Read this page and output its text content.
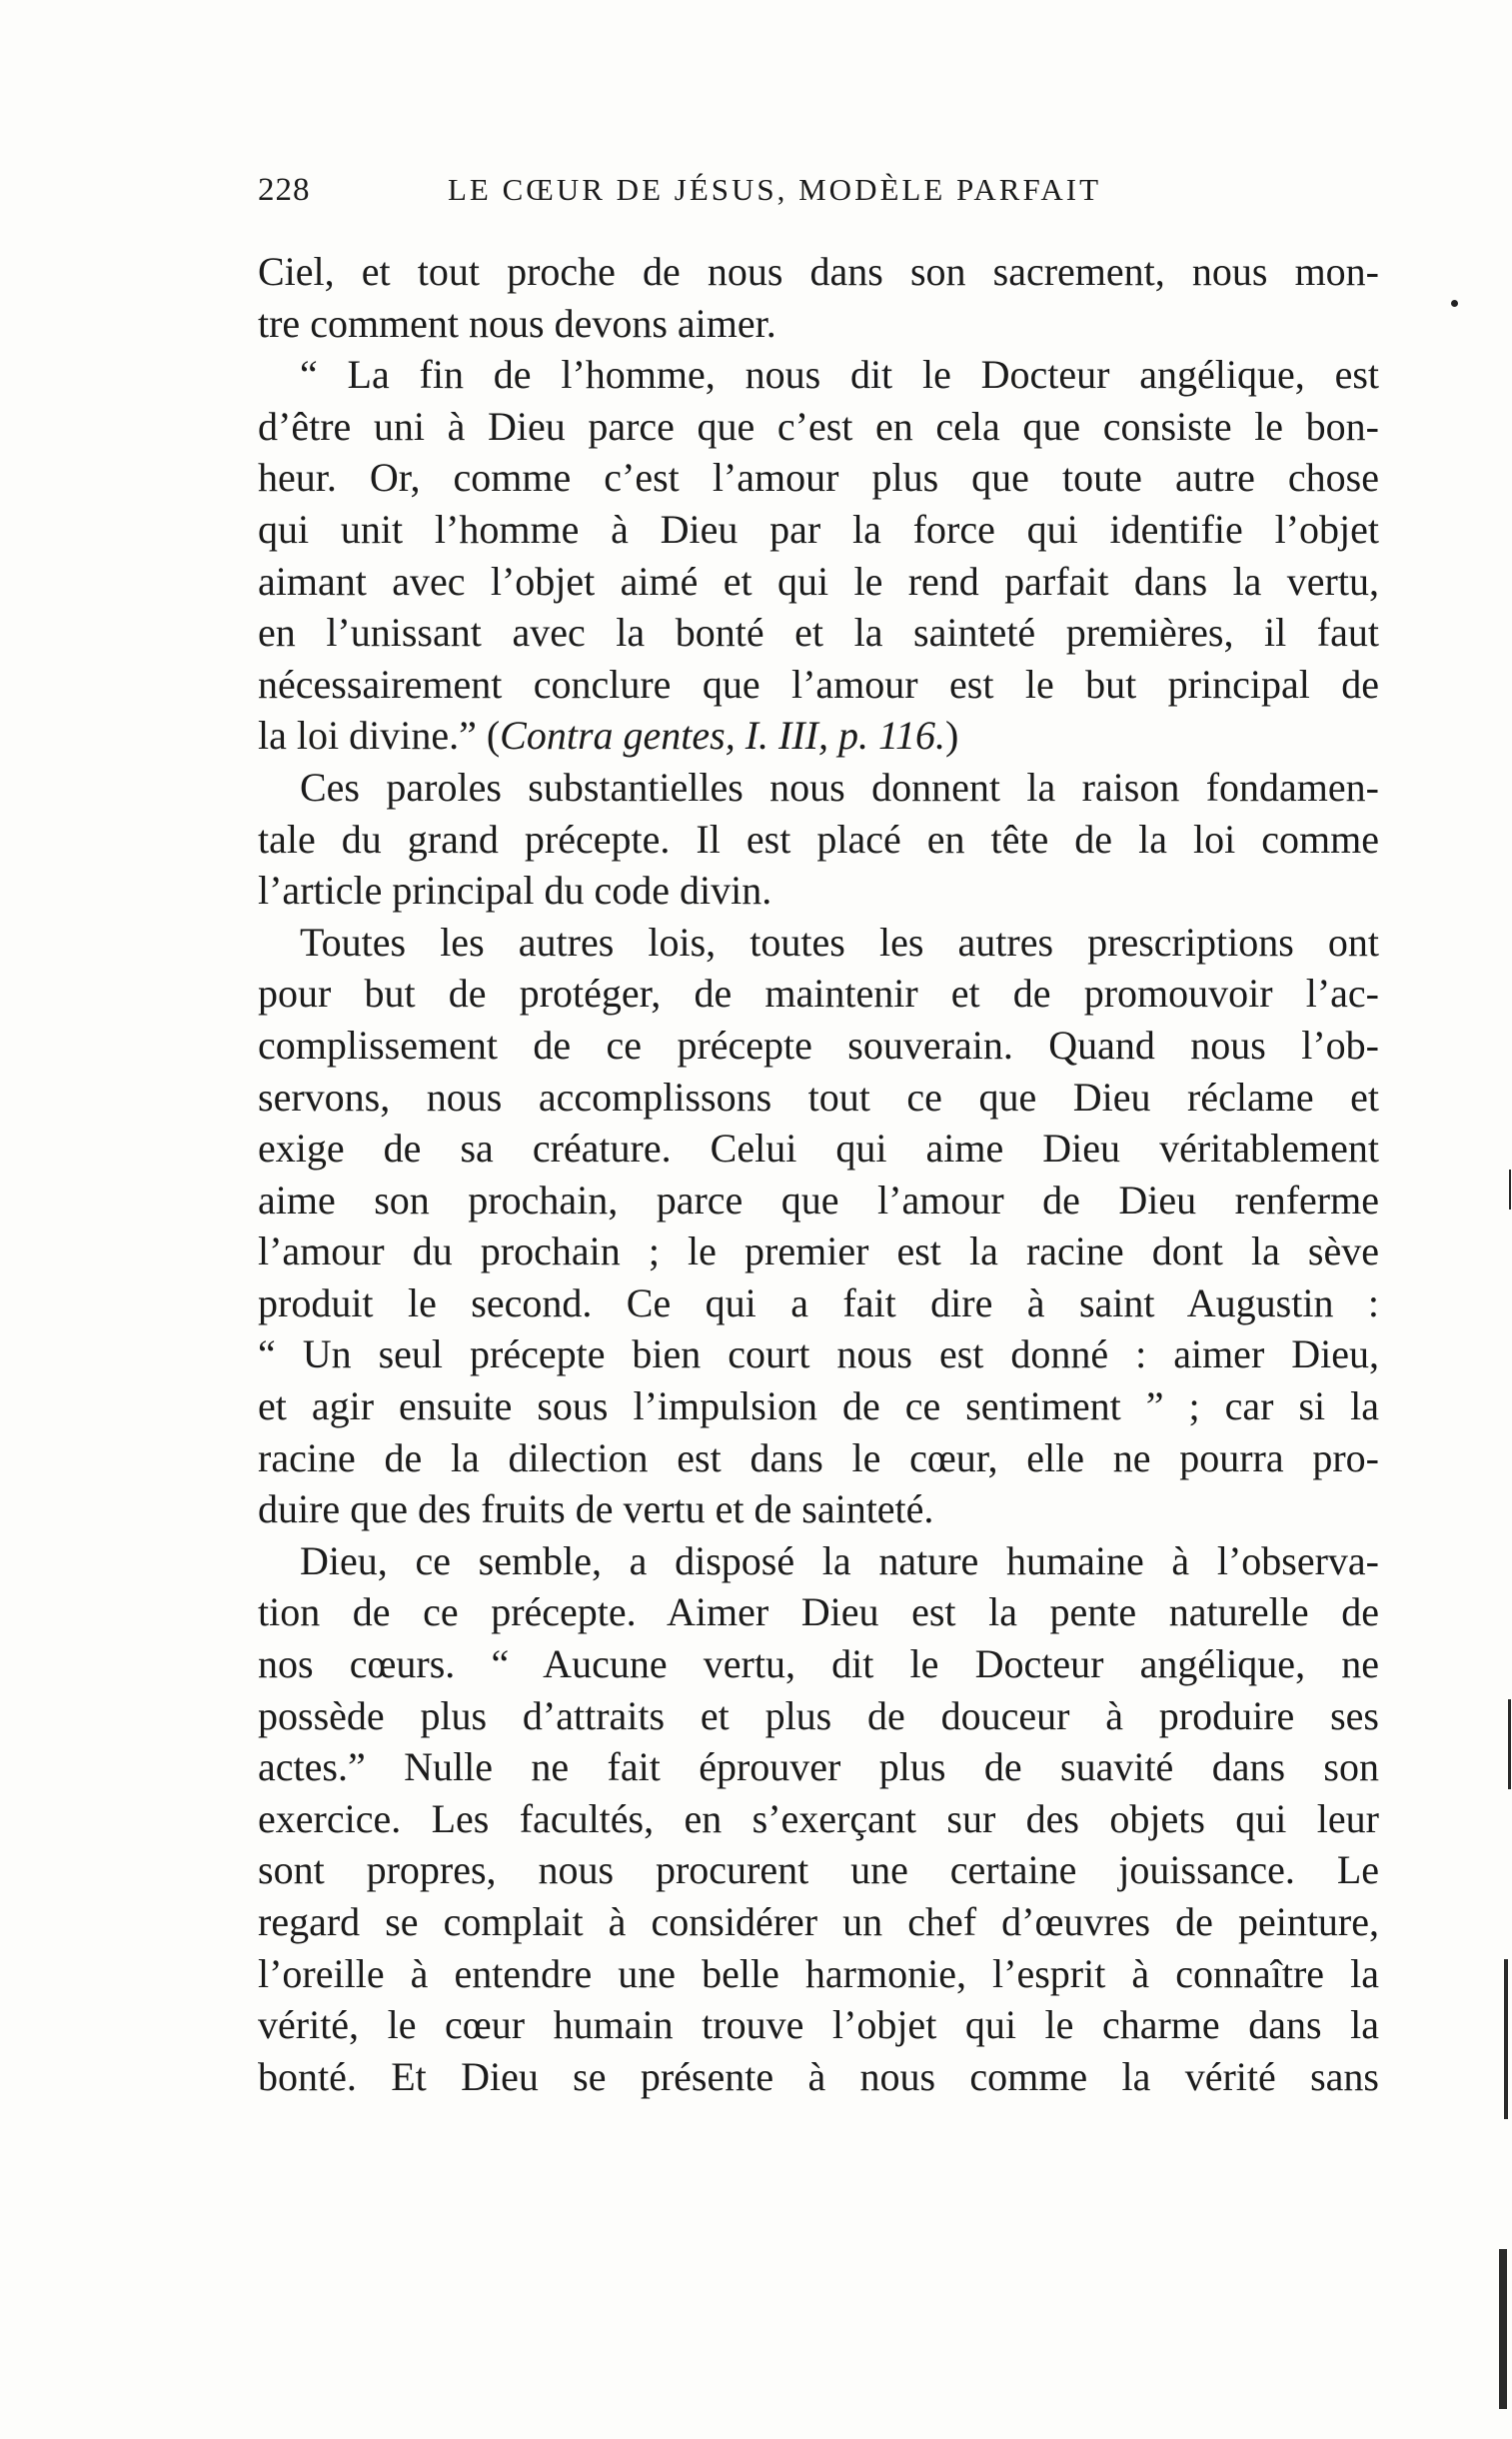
228	LE CŒUR DE JÉSUS, MODÈLE PARFAIT
Ciel, et tout proche de nous dans son sacrement, nous mon-
tre comment nous devons aimer.
“ La fin de l’homme, nous dit le Docteur angélique, est
d’être uni à Dieu parce que c’est en cela que consiste le bon-
heur. Or, comme c’est l’amour plus que toute autre chose
qui unit l’homme à Dieu par la force qui identifie l’objet
aimant avec l’objet aimé et qui le rend parfait dans la vertu,
en l’unissant avec la bonté et la sainteté premières, il faut
nécessairement conclure que l’amour est le but principal de
la loi divine.” (Contra gentes, I. III, p. 116.)
Ces paroles substantielles nous donnent la raison fondamen-
tale du grand précepte. Il est placé en tête de la loi comme
l’article principal du code divin.
Toutes les autres lois, toutes les autres prescriptions ont
pour but de protéger, de maintenir et de promouvoir l’ac-
complissement de ce précepte souverain. Quand nous l’ob-
servons, nous accomplissons tout ce que Dieu réclame et
exige de sa créature. Celui qui aime Dieu véritablement
aime son prochain, parce que l’amour de Dieu renferme
l’amour du prochain ; le premier est la racine dont la sève
produit le second. Ce qui a fait dire à saint Augustin :
“ Un seul précepte bien court nous est donné : aimer Dieu,
et agir ensuite sous l’impulsion de ce sentiment ” ; car si la
racine de la dilection est dans le cœur, elle ne pourra pro-
duire que des fruits de vertu et de sainteté.
Dieu, ce semble, a disposé la nature humaine à l’observa-
tion de ce précepte. Aimer Dieu est la pente naturelle de
nos cœurs. “ Aucune vertu, dit le Docteur angélique, ne
possède plus d’attraits et plus de douceur à produire ses
actes.” Nulle ne fait éprouver plus de suavité dans son
exercice. Les facultés, en s’exerçant sur des objets qui leur
sont propres, nous procurent une certaine jouissance. Le
regard se complait à considérer un chef d’œuvres de peinture,
l’oreille à entendre une belle harmonie, l’esprit à connaître la
vérité, le cœur humain trouve l’objet qui le charme dans la
bonté. Et Dieu se présente à nous comme la vérité sans
